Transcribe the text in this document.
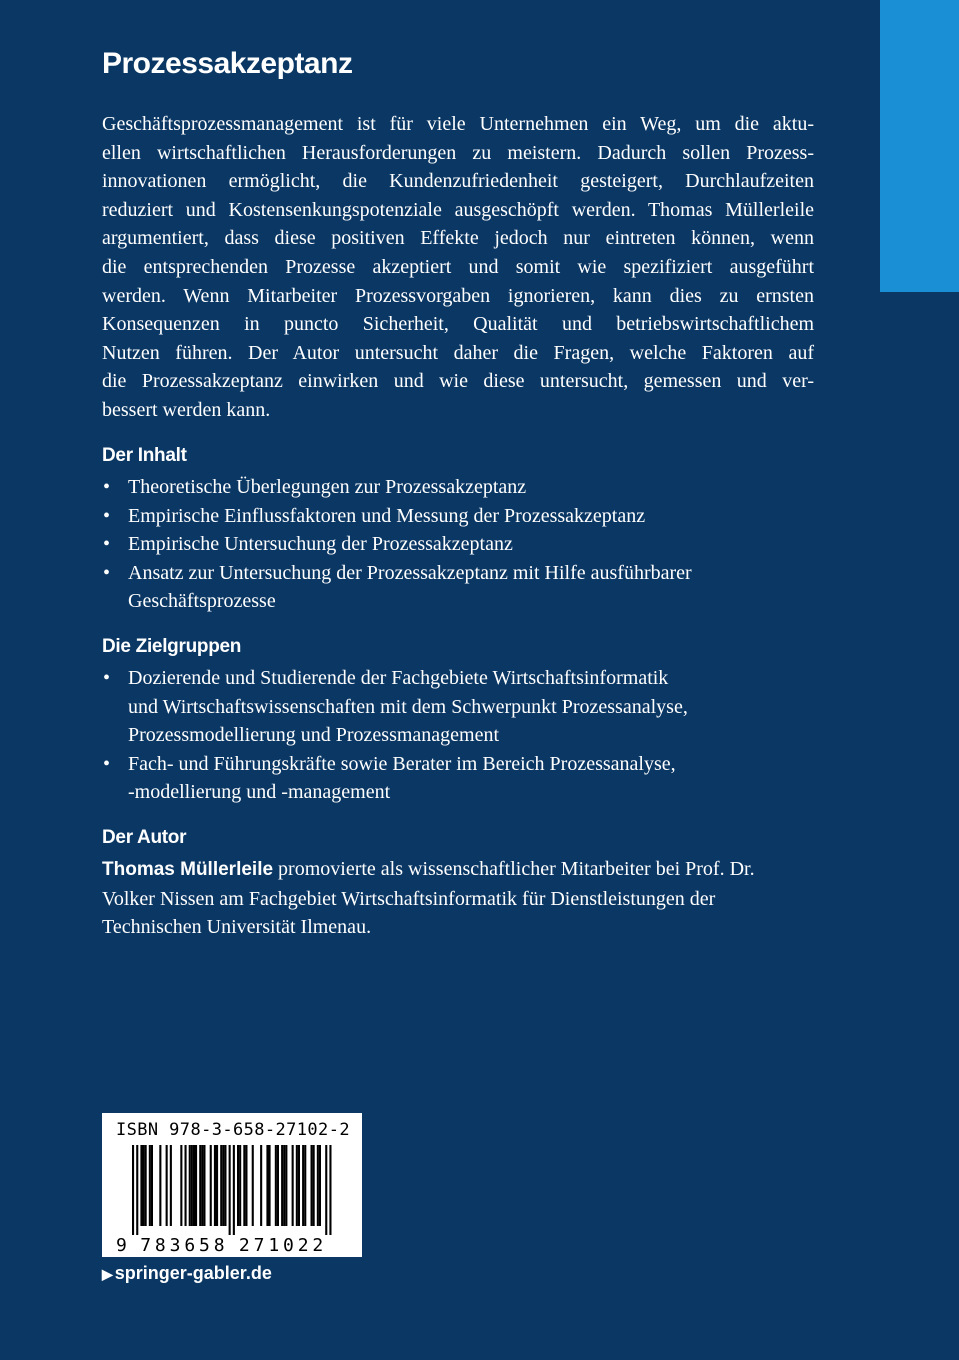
Prozessakzeptanz

Geschäftsprozessmanagement ist für viele Unternehmen ein Weg, um die aktu-
ellen wirtschaftlichen Herausforderungen zu meistern. Dadurch sollen Prozess-
innovationen ermöglicht, die Kundenzufriedenheit gesteigert, Durchlaufzeiten
reduziert und Kostensenkungspotenziale ausgeschöpft werden. Thomas Müllerleile
argumentiert, dass diese positiven Effekte jedoch nur eintreten können, wenn
die entsprechenden Prozesse akzeptiert und somit wie spezifiziert ausgeführt
werden. Wenn Mitarbeiter Prozessvorgaben ignorieren, kann dies zu ernsten
Konsequenzen in puncto Sicherheit, Qualität und betriebswirtschaftlichem
Nutzen führen. Der Autor untersucht daher die Fragen, welche Faktoren auf
die Prozessakzeptanz einwirken und wie diese untersucht, gemessen und ver-
bessert werden kann.

Der Inhalt
• Theoretische Überlegungen zur Prozessakzeptanz
• Empirische Einflussfaktoren und Messung der Prozessakzeptanz
• Empirische Untersuchung der Prozessakzeptanz
• Ansatz zur Untersuchung der Prozessakzeptanz mit Hilfe ausführbarer
Geschäftsprozesse
Die Zielgruppen
• Dozierende und Studierende der Fachgebiete Wirtschaftsinformatik
und Wirtschaftswissenschaften mit dem Schwerpunkt Prozessanalyse,
Prozessmodellierung und Prozessmanagement
• Fach- und Führungskräfte sowie Berater im Bereich Prozessanalyse,
-modellierung und -management
Der Autor

Thomas Müllerleile promovierte als wissenschaftlicher Mitarbeiter bei Prof. Dr.
Volker Nissen am Fachgebiet Wirtschaftsinformatik für Dienstleistungen der
Technischen Universität Ilmenau.

ISBN 978-3-658-27102-2
9 7 8 3 6 5 8 2 7 1 0 2 2
▶ springer-gabler.de
